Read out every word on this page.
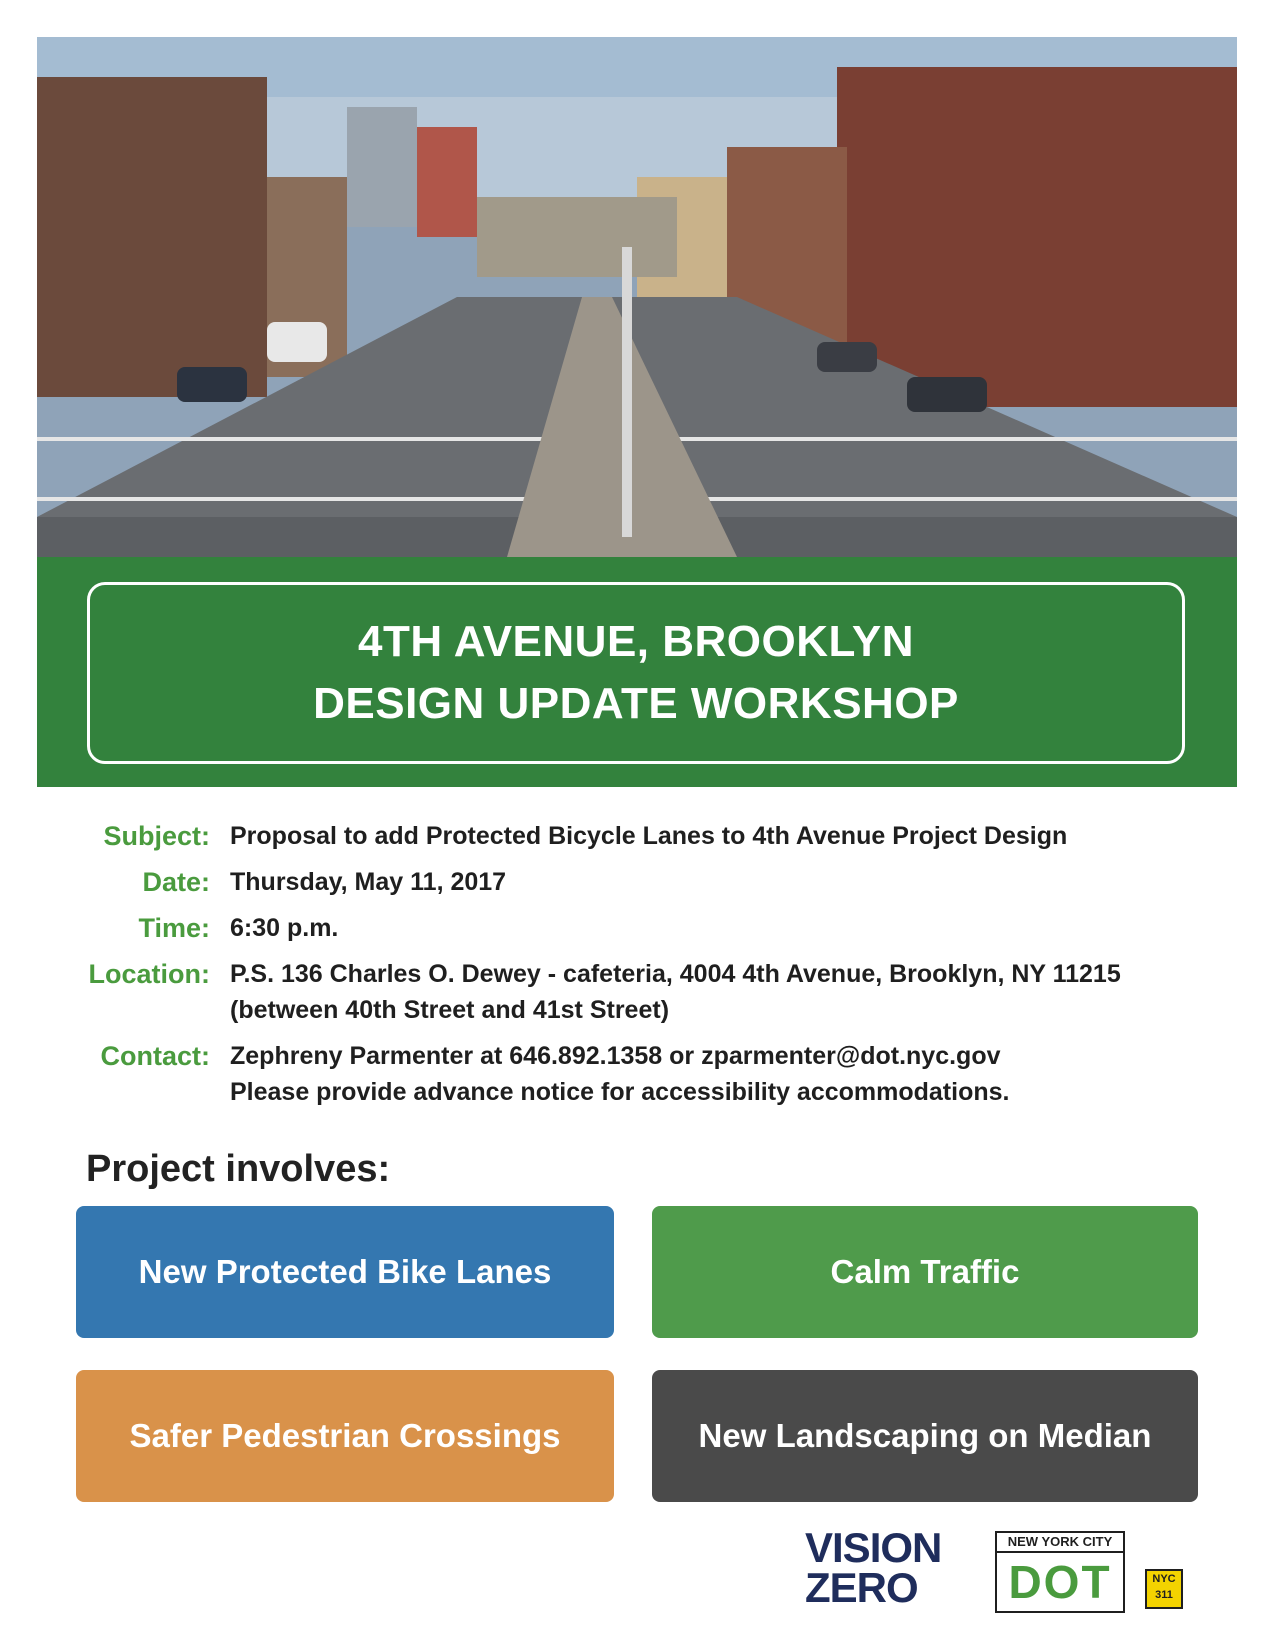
4TH AVENUE, BROOKLYN
DESIGN UPDATE WORKSHOP
Subject: Proposal to add Protected Bicycle Lanes to 4th Avenue Project Design
Date: Thursday, May 11, 2017
Time: 6:30 p.m.
Location: P.S. 136 Charles O. Dewey - cafeteria, 4004 4th Avenue, Brooklyn, NY 11215
(between 40th Street and 41st Street)
Contact: Zephreny Parmenter at 646.892.1358 or zparmenter@dot.nyc.gov
Please provide advance notice for accessibility accommodations.
Project involves:
New Protected Bike Lanes	Calm Traffic
Safer Pedestrian Crossings	New Landscaping on Median
VISION
ZERO
NEW YORK CITY
DOT	NYC
311
